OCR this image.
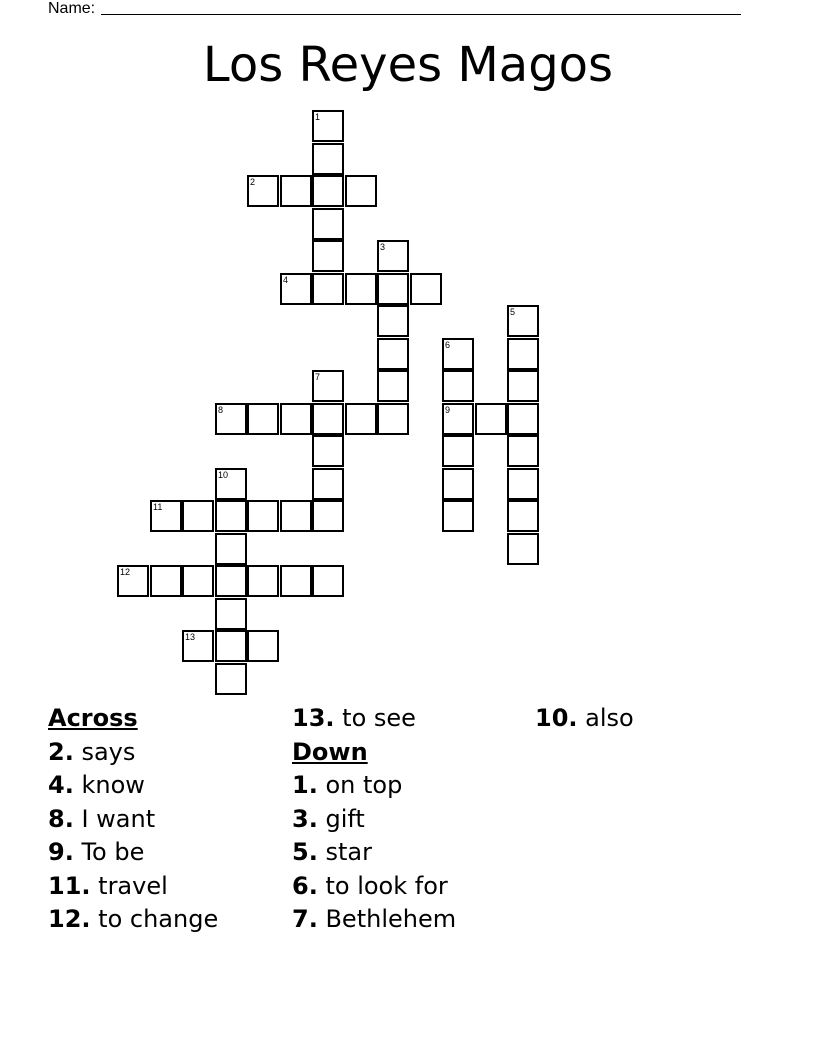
Name:
Los Reyes Magos
1
2
3
4
5
6
9
7
8
10
11
12
13
Across
2. says
4. know
8. I want
9. To be
11. travel
12. to change
13. to see
Down
1. on top
3. gift
5. star
6. to look for
7. Bethlehem
10. also
